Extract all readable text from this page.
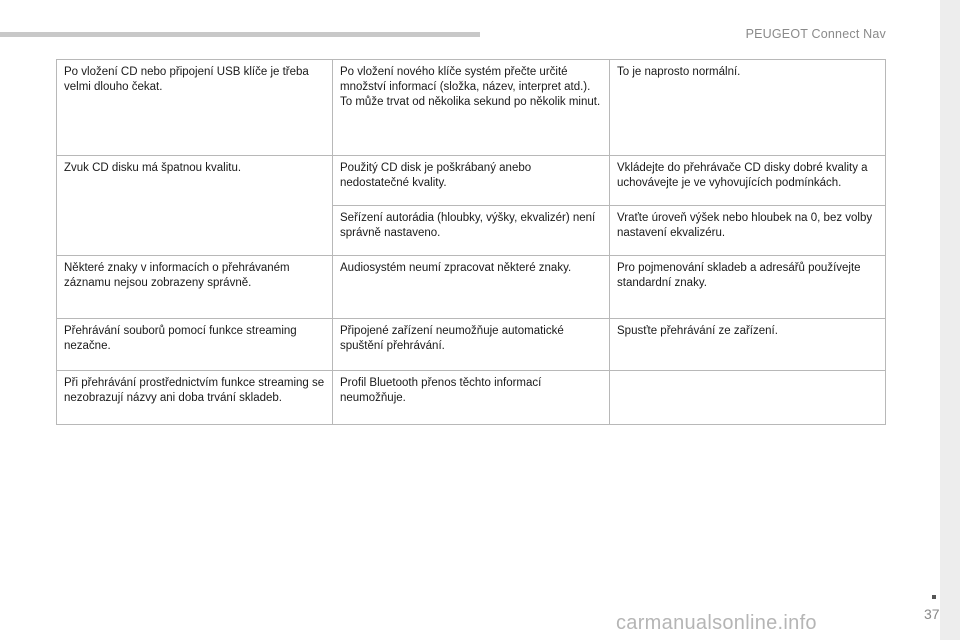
PEUGEOT Connect Nav
Po vložení CD nebo připojení USB klíče je třeba velmi dlouho čekat.	Po vložení nového klíče systém přečte určité množství informací (složka, název, interpret atd.). To může trvat od několika sekund po několik minut.	To je naprosto normální.
Zvuk CD disku má špatnou kvalitu.	Použitý CD disk je poškrábaný anebo nedostatečné kvality.	Vkládejte do přehrávače CD disky dobré kvality a uchovávejte je ve vyhovujících podmínkách.
	Seřízení autorádia (hloubky, výšky, ekvalizér) není správně nastaveno.	Vraťte úroveň výšek nebo hloubek na 0, bez volby nastavení ekvalizéru.
Některé znaky v informacích o přehrávaném záznamu nejsou zobrazeny správně.	Audiosystém neumí zpracovat některé znaky.	Pro pojmenování skladeb a adresářů používejte standardní znaky.
Přehrávání souborů pomocí funkce streaming nezačne.	Připojené zařízení neumožňuje automatické spuštění přehrávání.	Spusťte přehrávání ze zařízení.
Při přehrávání prostřednictvím funkce streaming se nezobrazují názvy ani doba trvání skladeb.	Profil Bluetooth přenos těchto informací neumožňuje.	
37
carmanualsonline.info
